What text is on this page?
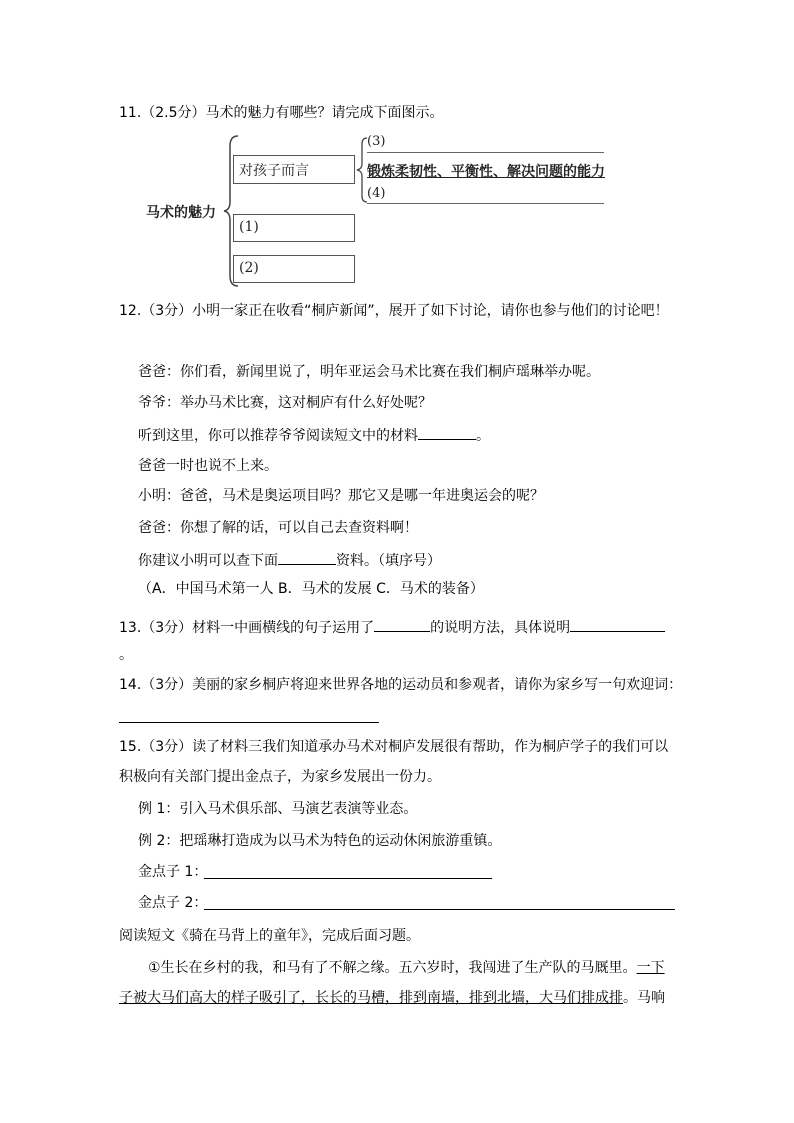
11.（2.5分）马术的魅力有哪些？请完成下面图示。
马术的魅力
对孩子而言
(1)
(2)
(3)
锻炼柔韧性、平衡性、解决问题的能力
(4)
12.（3分）小明一家正在收看“桐庐新闻”，展开了如下讨论，请你也参与他们的讨论吧！
爸爸：你们看，新闻里说了，明年亚运会马术比赛在我们桐庐瑶琳举办呢。
爷爷：举办马术比赛，这对桐庐有什么好处呢？
听到这里，你可以推荐爷爷阅读短文中的材料	。
爸爸一时也说不上来。
小明：爸爸，马术是奥运项目吗？那它又是哪一年进奥运会的呢？
爸爸：你想了解的话，可以自己去查资料啊！
你建议小明可以查下面	资料。（填序号）
（A．中国马术第一人 B．马术的发展 C．马术的装备）
13.（3分）材料一中画横线的句子运用了	的说明方法，具体说明
。
14.（3分）美丽的家乡桐庐将迎来世界各地的运动员和参观者，请你为家乡写一句欢迎词：
15.（3分）读了材料三我们知道承办马术对桐庐发展很有帮助，作为桐庐学子的我们可以
积极向有关部门提出金点子，为家乡发展出一份力。
例 1：引入马术俱乐部、马演艺表演等业态。
例 2：把瑶琳打造成为以马术为特色的运动休闲旅游重镇。
金点子 1：
金点子 2：
阅读短文《骑在马背上的童年》，完成后面习题。
①生长在乡村的我，和马有了不解之缘。五六岁时，我闯进了生产队的马厩里。一下
子被大马们高大的样子吸引了，长长的马槽，排到南墙，排到北墙，大马们排成排。马响
